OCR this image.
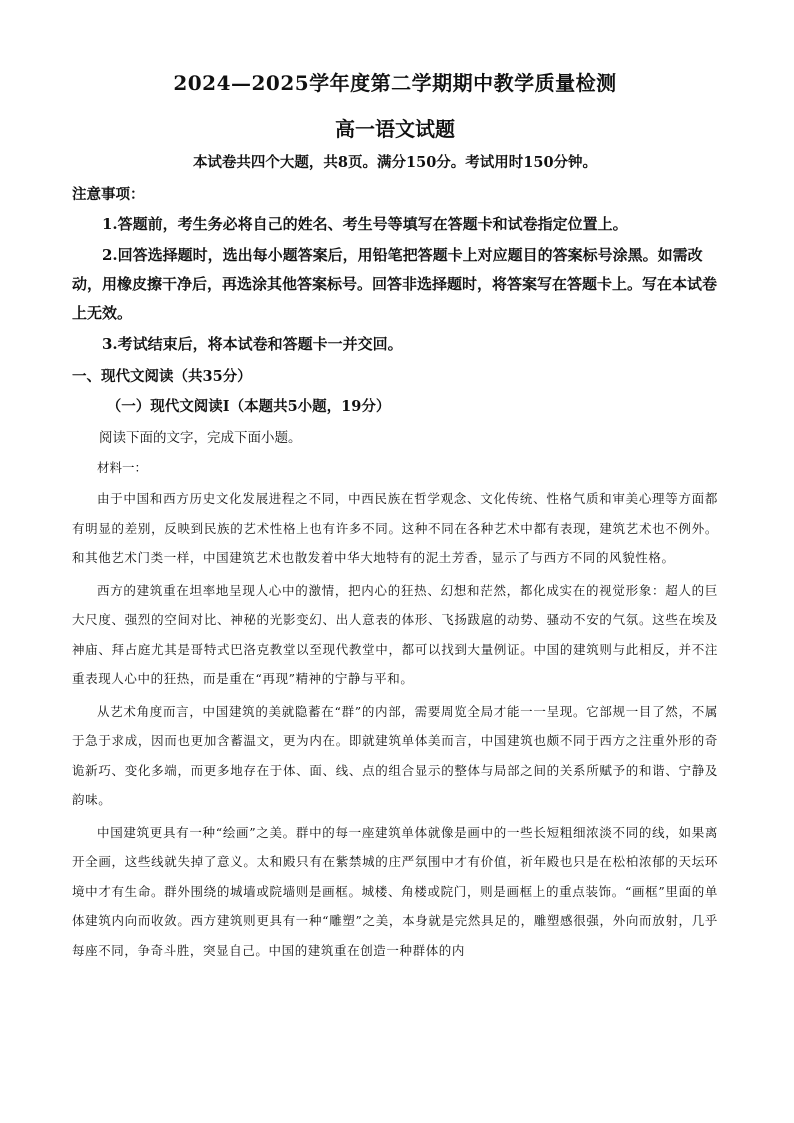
2024—2025学年度第二学期期中教学质量检测
高一语文试题

本试卷共四个大题，共8页。满分150分。考试用时150分钟。

注意事项：

1.答题前，考生务必将自己的姓名、考生号等填写在答题卡和试卷指定位置上。

2.回答选择题时，选出每小题答案后，用铅笔把答题卡上对应题目的答案标号涂黑。如需改动，用橡皮擦干净后，再选涂其他答案标号。回答非选择题时，将答案写在答题卡上。写在本试卷上无效。

3.考试结束后，将本试卷和答题卡一并交回。

一、现代文阅读（共35分）

（一）现代文阅读Ⅰ（本题共5小题，19分）

阅读下面的文字，完成下面小题。

材料一：

由于中国和西方历史文化发展进程之不同，中西民族在哲学观念、文化传统、性格气质和审美心理等方面都有明显的差别，反映到民族的艺术性格上也有许多不同。这种不同在各种艺术中都有表现，建筑艺术也不例外。和其他艺术门类一样，中国建筑艺术也散发着中华大地特有的泥土芳香，显示了与西方不同的风貌性格。

西方的建筑重在坦率地呈现人心中的激情，把内心的狂热、幻想和茫然，都化成实在的视觉形象：超人的巨大尺度、强烈的空间对比、神秘的光影变幻、出人意表的体形、飞扬跋扈的动势、骚动不安的气氛。这些在埃及神庙、拜占庭尤其是哥特式巴洛克教堂以至现代教堂中，都可以找到大量例证。中国的建筑则与此相反，并不注重表现人心中的狂热，而是重在“再现”精神的宁静与平和。

从艺术角度而言，中国建筑的美就隐蓄在“群”的内部，需要周览全局才能一一呈现。它部规一目了然，不属于急于求成，因而也更加含蓄温文，更为内在。即就建筑单体美而言，中国建筑也颇不同于西方之注重外形的奇诡新巧、变化多端，而更多地存在于体、面、线、点的组合显示的整体与局部之间的关系所赋予的和谐、宁静及韵味。

中国建筑更具有一种“绘画”之美。群中的每一座建筑单体就像是画中的一些长短粗细浓淡不同的线，如果离开全画，这些线就失掉了意义。太和殿只有在紫禁城的庄严氛围中才有价值，祈年殿也只是在松柏浓郁的天坛环境中才有生命。群外围绕的城墙或院墙则是画框。城楼、角楼或院门，则是画框上的重点装饰。“画框”里面的单体建筑内向而收敛。西方建筑则更具有一种“雕塑”之美，本身就是完然具足的，雕塑感很强，外向而放射，几乎每座不同，争奇斗胜，突显自己。中国的建筑重在创造一种群体的内
